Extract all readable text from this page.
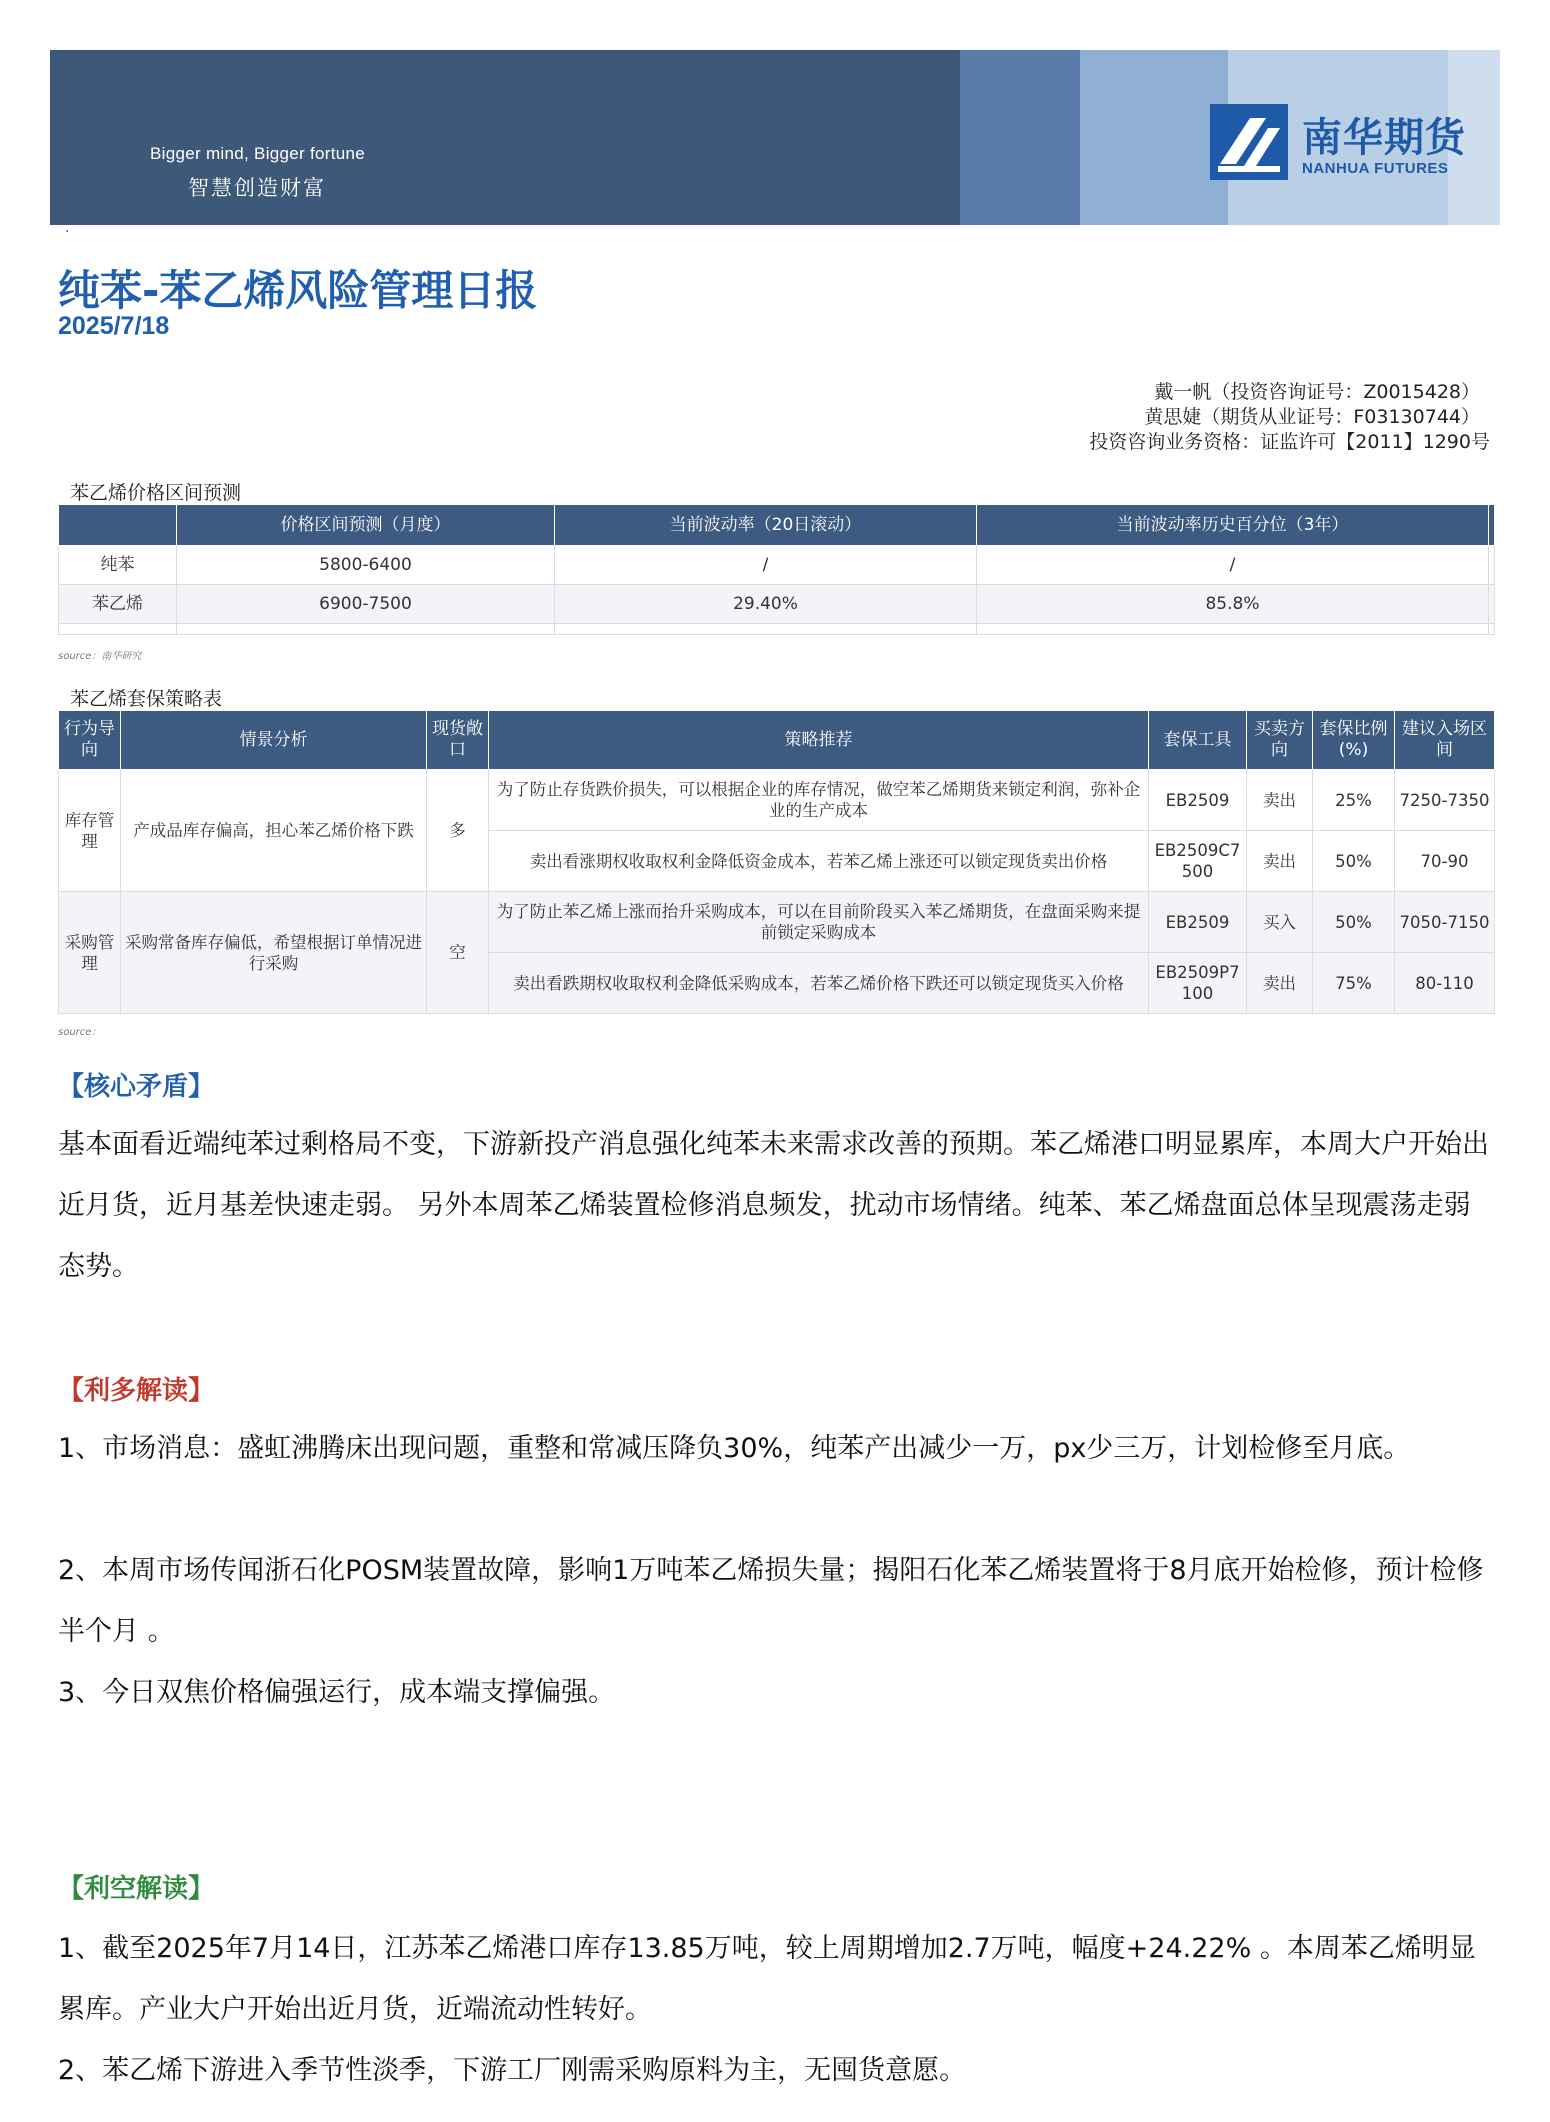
Bigger mind, Bigger fortune
智慧创造财富
南华期货
NANHUA FUTURES
·
纯苯-苯乙烯风险管理日报
2025/7/18
戴一帆（投资咨询证号：Z0015428）
黄思婕（期货从业证号：F03130744）
投资咨询业务资格：证监许可【2011】1290号
苯乙烯价格区间预测
	价格区间预测（月度）	当前波动率（20日滚动）	当前波动率历史百分位（3年）	
纯苯	5800-6400	/	/	
苯乙烯	6900-7500	29.40%	85.8%	

source：南华研究
苯乙烯套保策略表
行为导向	情景分析	现货敞口	策略推荐	套保工具	买卖方向	套保比例(%)	建议入场区间
库存管理	产成品库存偏高，担心苯乙烯价格下跌	多	为了防止存货跌价损失，可以根据企业的库存情况，做空苯乙烯期货来锁定利润，弥补企业的生产成本	EB2509	卖出	25%	7250-7350
			卖出看涨期权收取权利金降低资金成本，若苯乙烯上涨还可以锁定现货卖出价格	EB2509C7500	卖出	50%	70-90
采购管理	采购常备库存偏低，希望根据订单情况进行采购	空	为了防止苯乙烯上涨而抬升采购成本，可以在目前阶段买入苯乙烯期货，在盘面采购来提前锁定采购成本	EB2509	买入	50%	7050-7150
			卖出看跌期权收取权利金降低采购成本，若苯乙烯价格下跌还可以锁定现货买入价格	EB2509P7100	卖出	75%	80-110
source：
【核心矛盾】
基本面看近端纯苯过剩格局不变，下游新投产消息强化纯苯未来需求改善的预期。苯乙烯港口明显累库，本周大户开始出近月货，近月基差快速走弱。 另外本周苯乙烯装置检修消息频发，扰动市场情绪。纯苯、苯乙烯盘面总体呈现震荡走弱态势。
【利多解读】
1、市场消息：盛虹沸腾床出现问题，重整和常减压降负30%，纯苯产出减少一万，px少三万，计划检修至月底。
2、本周市场传闻浙石化POSM装置故障，影响1万吨苯乙烯损失量；揭阳石化苯乙烯装置将于8月底开始检修，预计检修半个月 。
3、今日双焦价格偏强运行，成本端支撑偏强。
【利空解读】
1、截至2025年7月14日，江苏苯乙烯港口库存13.85万吨，较上周期增加2.7万吨，幅度+24.22% 。本周苯乙烯明显累库。产业大户开始出近月货，近端流动性转好。
2、苯乙烯下游进入季节性淡季，下游工厂刚需采购原料为主，无囤货意愿。
